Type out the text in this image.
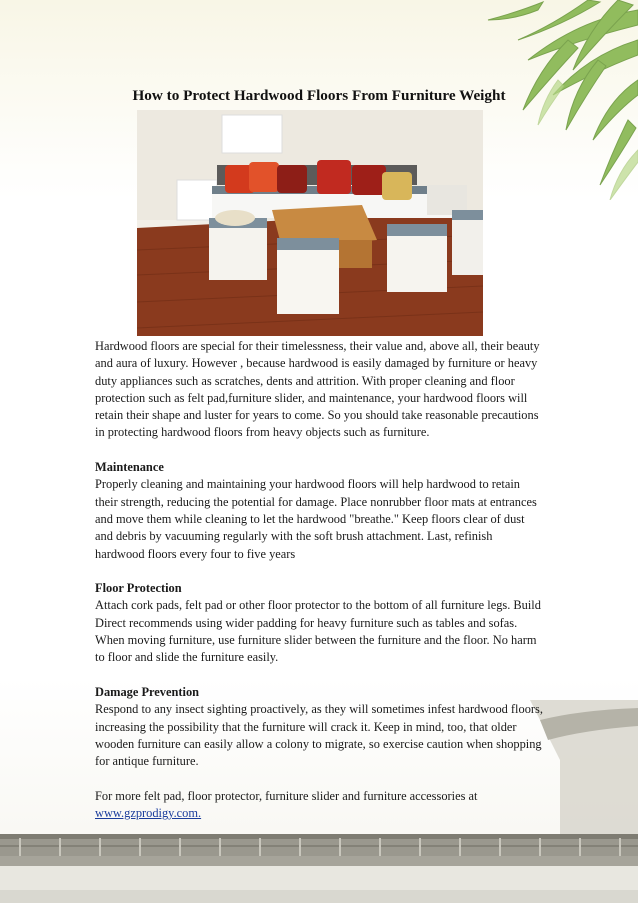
How to Protect Hardwood Floors From Furniture Weight

Hardwood floors are special for their timelessness, their value and, above all, their beauty and aura of luxury. However , because hardwood is easily damaged by furniture or heavy duty appliances such as scratches, dents and attrition. With proper cleaning and floor protection such as felt pad,furniture slider, and maintenance, your hardwood floors will retain their shape and luster for years to come. So you should take reasonable precautions in protecting hardwood floors from heavy objects such as furniture.

Maintenance

Properly cleaning and maintaining your hardwood floors will help hardwood to retain their strength, reducing the potential for damage. Place nonrubber floor mats at entrances and move them while cleaning to let the hardwood "breathe." Keep floors clear of dust and debris by vacuuming regularly with the soft brush attachment. Last, refinish hardwood floors every four to five years

Floor Protection

Attach cork pads, felt pad or other floor protector to the bottom of all furniture legs. Build Direct recommends using wider padding for heavy furniture such as tables and sofas. When moving furniture, use furniture slider between the furniture and the floor. No harm to floor and slide the furniture easily.

Damage Prevention

Respond to any insect sighting proactively, as they will sometimes infest hardwood floors, increasing the possibility that the furniture will crack it. Keep in mind, too, that older wooden furniture can easily allow a colony to migrate, so exercise caution when shopping for antique furniture.

For more felt pad, floor protector, furniture slider and furniture accessories at
www.gzprodigy.com.
